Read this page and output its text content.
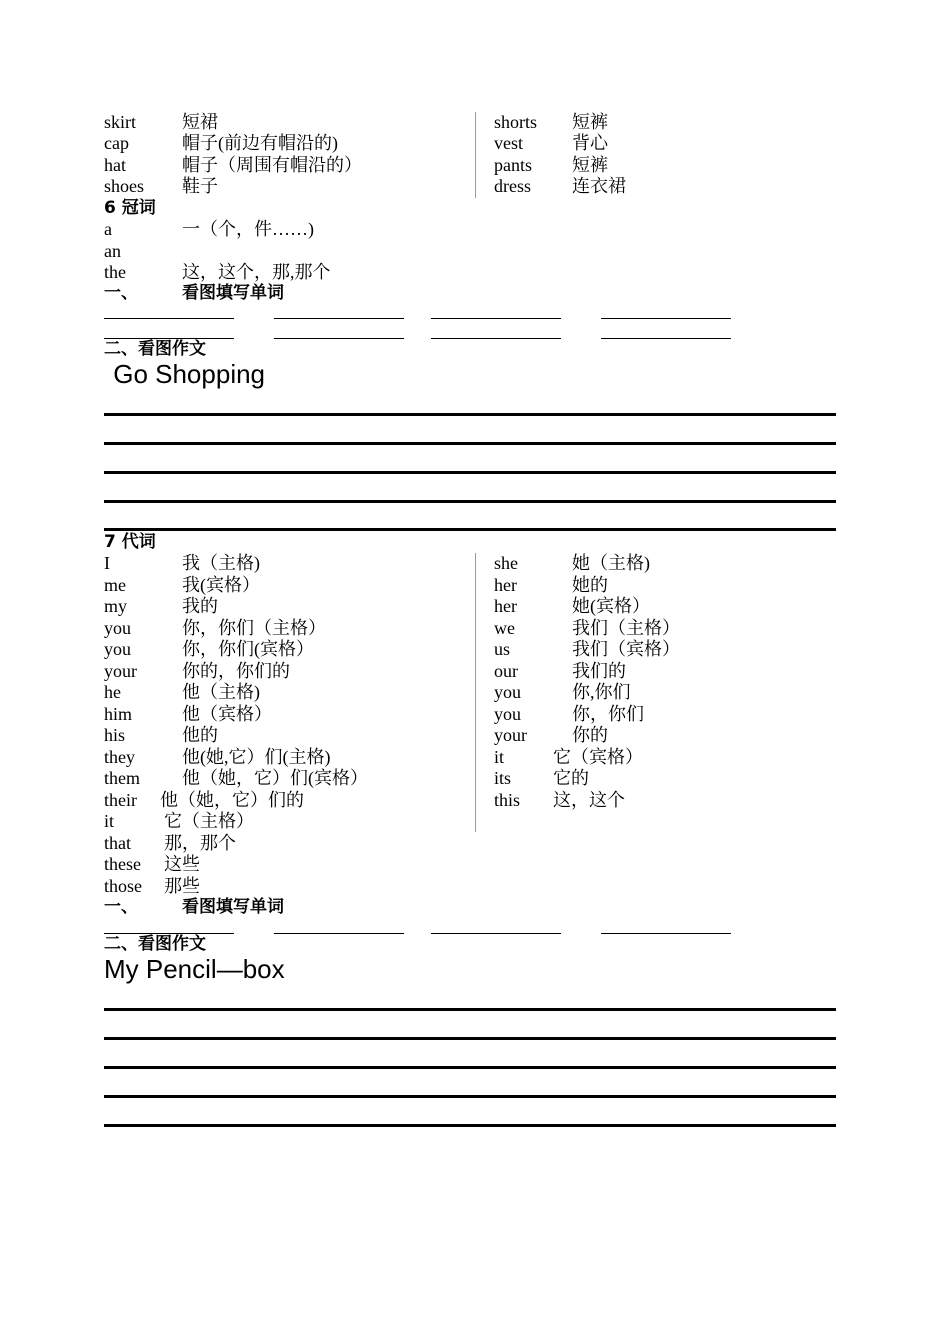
skirt	短裙
cap	帽子(前边有帽沿的)
hat	帽子（周围有帽沿的）
shoes 鞋子
shorts 短裤
vest	背心
pants 短裤
dress 连衣裙
6 冠词
a	一（个，件……)
an
the	这，这个，那,那个
一、	看图填写单词
二、看图作文
Go Shopping
7 代词
I	我（主格)
me	我(宾格）
my	我的
you	你，你们（主格）
you	你，你们(宾格）
your	你的，你们的
he	他（主格)
him	他（宾格）
his	他的
they	他(她,它）们(主格)
them 他（她，它）们(宾格）
their 他（她，它）们的
it	它（主格）
that 那，那个
these 这些
those 那些
she	她（主格)
her	她的
her	她(宾格）
we	我们（主格）
us	我们（宾格）
our	我们的
you	你,你们
you	你，你们
your	你的
it	它（宾格）
its 它的
this 这，这个
一、	看图填写单词
二、看图作文
My Pencil—box
